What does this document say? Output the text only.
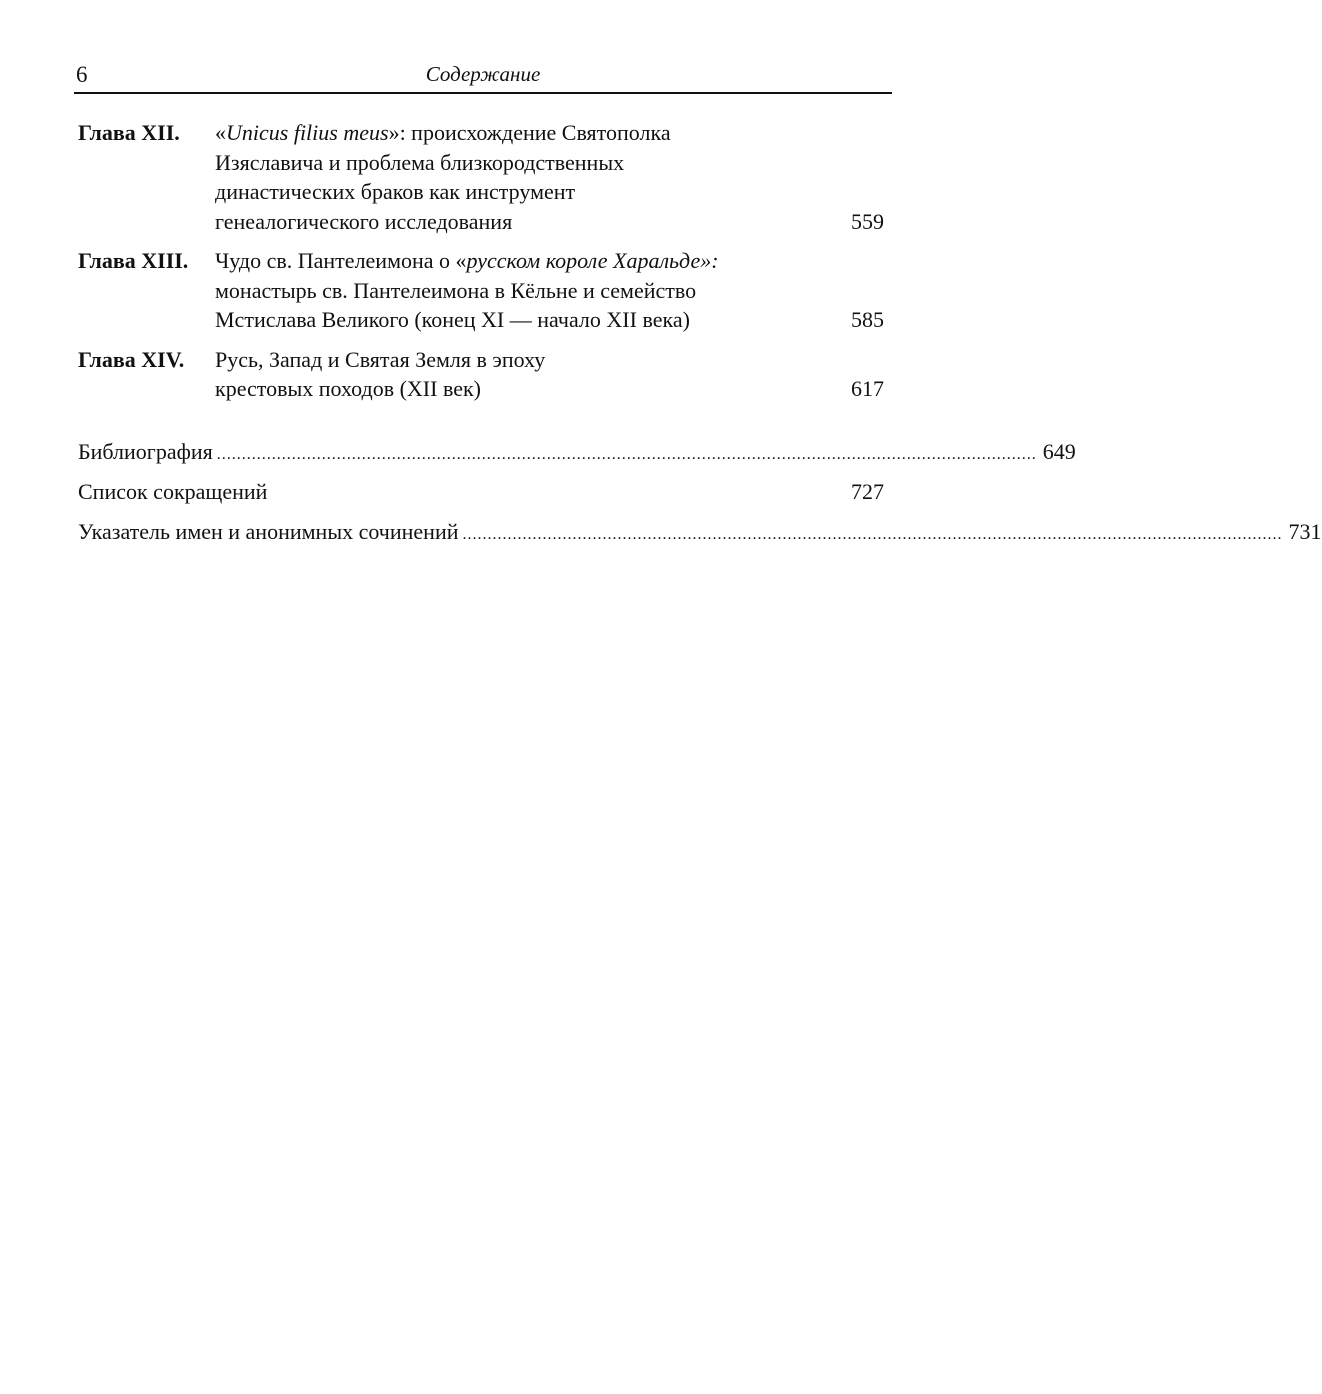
6	Содержание
Глава XII.	«Unicus filius meus»: происхождение Святополка
Изяславича и проблема близкородственных
династических браков как инструмент
генеалогического исследования	559
Глава XIII.	Чудо св. Пантелеимона о «русском короле Харальде»:
монастырь св. Пантелеимона в Кёльне и семейство
Мстислава Великого (конец XI — начало XII века)	585
Глава XIV.	Русь, Запад и Святая Земля в эпоху
крестовых походов (XII век)	617
Библиография .................................................................................................................................................................... 649
Список сокращений	727
Указатель имен и анонимных сочинений .................................................................................................................................................................... 731
